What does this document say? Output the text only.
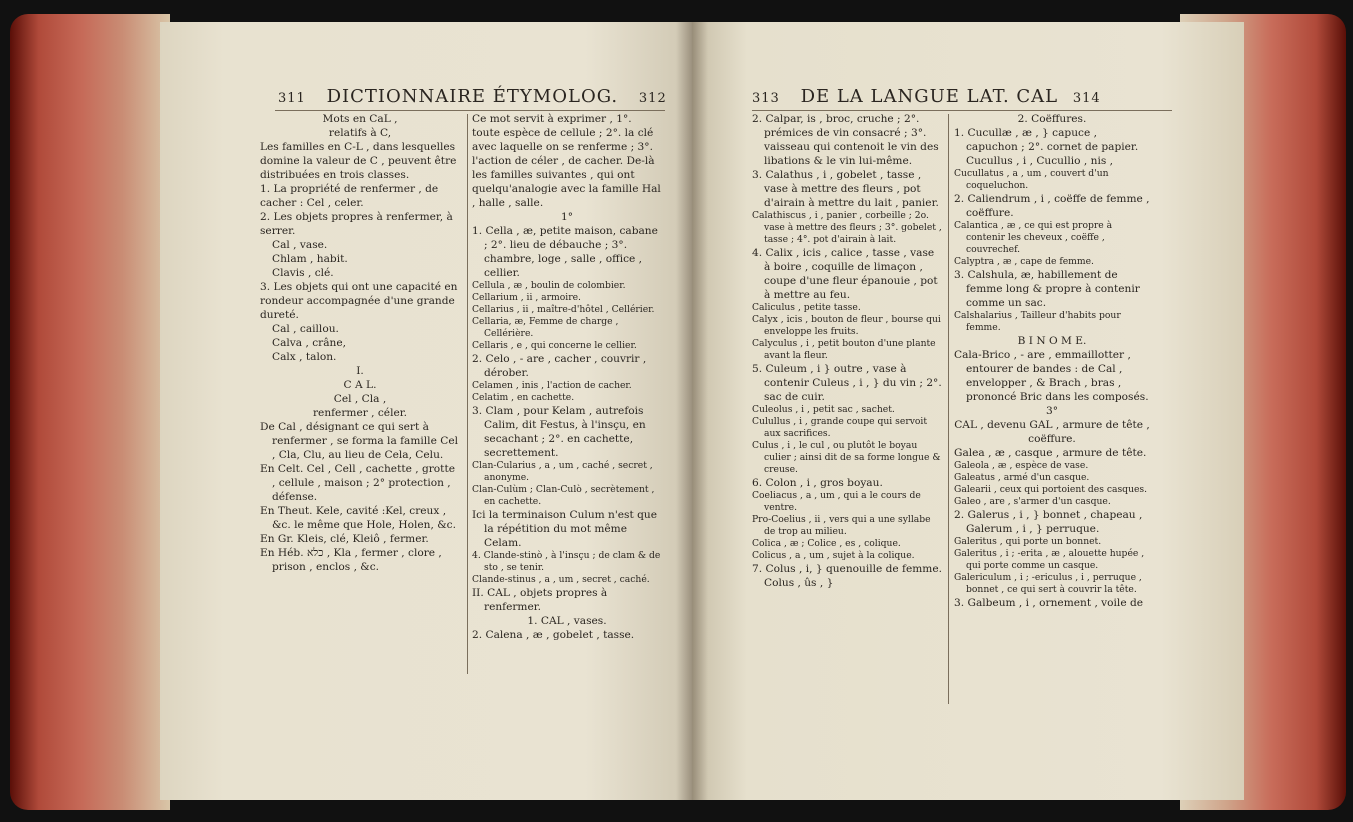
311 DICTIONNAIRE ÉTYMOLOG. 312

Mots en CaL ,

relatifs à C,

Les familles en C-L , dans lesquelles domine la valeur de C , peuvent être distribuées en trois classes.

1. La propriété de renfermer , de cacher : Cel , celer.

2. Les objets propres à renfermer, à serrer.

Cal , vase.

Chlam , habit.

Clavis , clé.

3. Les objets qui ont une capacité en rondeur accompagnée d'une grande dureté.

Cal , caillou.

Calva , crâne,

Calx , talon.

I.

C A L.

Cel , Cla ,

renfermer , céler.

De Cal , désignant ce qui sert à renfermer , se forma la famille Cel , Cla, Clu, au lieu de Cela, Celu.

En Celt. Cel , Cell , cachette , grotte , cellule , maison ; 2° protection , défense.

En Theut. Kele, cavité :Kel, creux , &c. le même que Hole, Holen, &c.

En Gr. Kleis, clé, Kleiô , fermer.

En Héb. כלא , Kla , fermer , clore , prison , enclos , &c.

Ce mot servit à exprimer , 1°. toute espèce de cellule ; 2°. la clé avec laquelle on se renferme ; 3°. l'action de céler , de cacher. De-là les familles suivantes , qui ont quelqu'analogie avec la famille Hal , halle , salle.

1°

1. Cella , æ, petite maison, cabane ; 2°. lieu de débauche ; 3°. chambre, loge , salle , office , cellier.

Cellula , æ , boulin de colombier.

Cellarium , ii , armoire.

Cellarius , ii , maître-d'hôtel , Cellérier.

Cellaria, æ, Femme de charge , Cellérière.

Cellaris , e , qui concerne le cellier.

2. Celo , - are , cacher , couvrir , dérober.

Celamen , inis , l'action de cacher.

Celatim , en cachette.

3. Clam , pour Kelam , autrefois Calim, dit Festus, à l'insçu, en secachant ; 2°. en cachette, secrettement.

Clan-Cularius , a , um , caché , secret , anonyme.

Clan-Culùm ; Clan-Culò , secrètement , en cachette.

Ici la terminaison Culum n'est que la répétition du mot même Celam.

4. Clande-stinò , à l'insçu ; de clam & de sto , se tenir.

Clande-stinus , a , um , secret , caché.

II. CAL , objets propres à renfermer.

1. CAL , vases.

2. Calena , æ , gobelet , tasse.

313 DE LA LANGUE LAT. CAL 314

2. Calpar, is , broc, cruche ; 2°. prémices de vin consacré ; 3°. vaisseau qui contenoit le vin des libations & le vin lui-même.

3. Calathus , i , gobelet , tasse , vase à mettre des fleurs , pot d'airain à mettre du lait , panier.

Calathiscus , i , panier , corbeille ; 2o. vase à mettre des fleurs ; 3°. gobelet , tasse ; 4°. pot d'airain à lait.

4. Calix , icis , calice , tasse , vase à boire , coquille de limaçon , coupe d'une fleur épanouie , pot à mettre au feu.

Caliculus , petite tasse.

Calyx , icis , bouton de fleur , bourse qui enveloppe les fruits.

Calyculus , i , petit bouton d'une plante avant la fleur.

5. Culeum , i } outre , vase à contenir Culeus , i , } du vin ; 2°. sac de cuir.

Culeolus , i , petit sac , sachet.

Culullus , i , grande coupe qui servoit aux sacrifices.

Culus , i , le cul , ou plutôt le boyau culier ; ainsi dit de sa forme longue & creuse.

6. Colon , i , gros boyau.

Coeliacus , a , um , qui a le cours de ventre.

Pro-Coelius , ii , vers qui a une syllabe de trop au milieu.

Colica , æ ; Colice , es , colique.

Colicus , a , um , sujet à la colique.

7. Colus , i, } quenouille de femme. Colus , ûs , }

2. Coëffures.

1. Cucullæ , æ , } capuce , capuchon ; 2°. cornet de papier. Cucullus , i , Cucullio , nis ,

Cucullatus , a , um , couvert d'un coqueluchon.

2. Caliendrum , i , coëffe de femme , coëffure.

Calantica , æ , ce qui est propre à contenir les cheveux , coëffe , couvrechef.

Calyptra , æ , cape de femme.

3. Calshula, æ, habillement de femme long & propre à contenir comme un sac.

Calshalarius , Tailleur d'habits pour femme.

B I N O M E.

Cala-Brico , - are , emmaillotter , entourer de bandes : de Cal , envelopper , & Brach , bras , prononcé Bric dans les composés.

3°

CAL , devenu GAL , armure de tête , coëffure.

Galea , æ , casque , armure de tête.

Galeola , æ , espèce de vase.

Galeatus , armé d'un casque.

Galearii , ceux qui portoient des casques.

Galeo , are , s'armer d'un casque.

2. Galerus , i , } bonnet , chapeau , Galerum , i , } perruque.

Galeritus , qui porte un bonnet.

Galeritus , i ; -erita , æ , alouette hupée , qui porte comme un casque.

Galericulum , i ; -ericulus , i , perruque , bonnet , ce qui sert à couvrir la tête.

3. Galbeum , i , ornement , voile de
